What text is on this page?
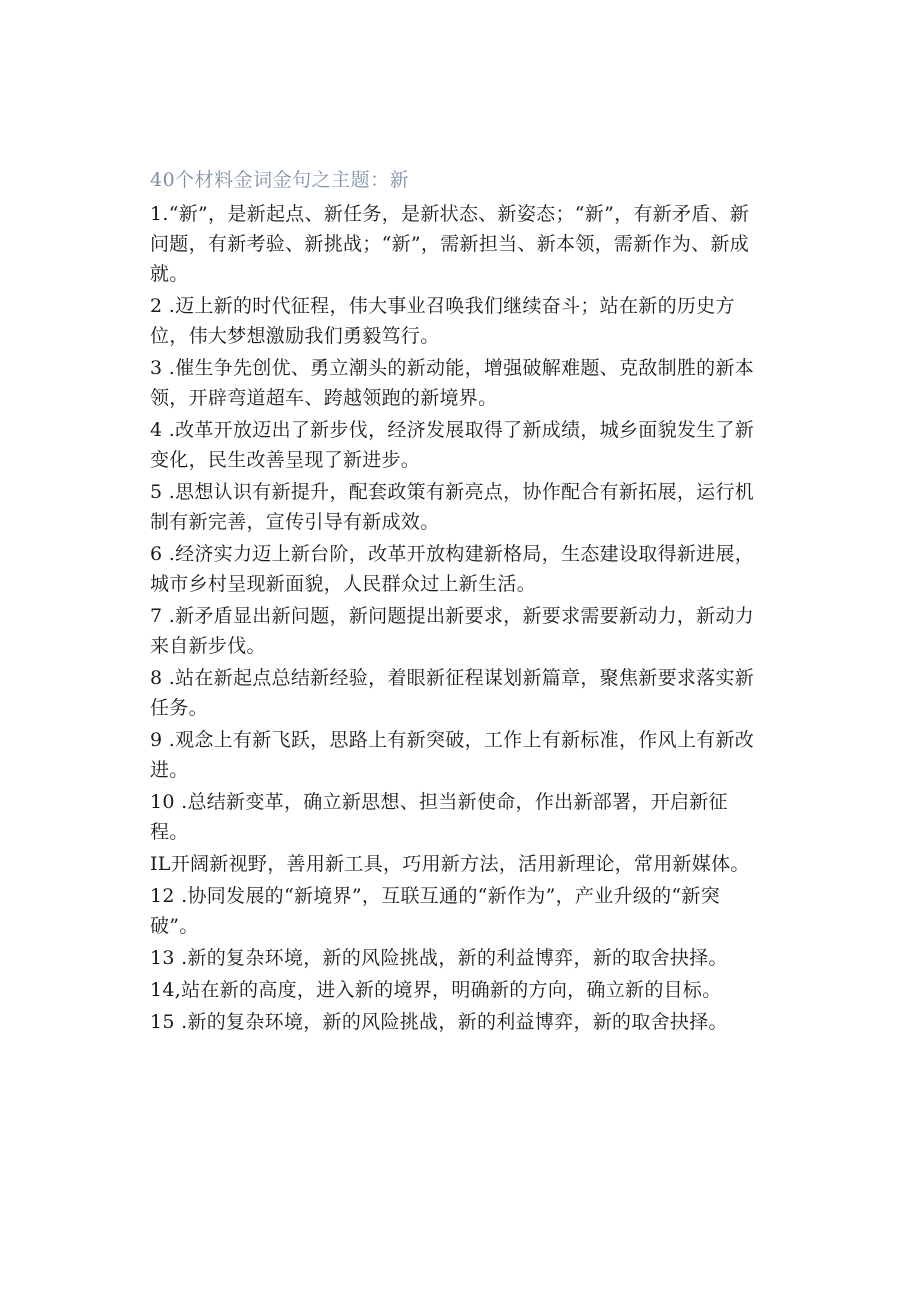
40个材料金词金句之主题：新

1.“新”，是新起点、新任务，是新状态、新姿态；“新”，有新矛盾、新问题，有新考验、新挑战；“新”，需新担当、新本领，需新作为、新成就。

2 .迈上新的时代征程，伟大事业召唤我们继续奋斗；站在新的历史方位，伟大梦想激励我们勇毅笃行。

3 .催生争先创优、勇立潮头的新动能，增强破解难题、克敌制胜的新本领，开辟弯道超车、跨越领跑的新境界。

4 .改革开放迈出了新步伐，经济发展取得了新成绩，城乡面貌发生了新变化，民生改善呈现了新进步。

5 .思想认识有新提升，配套政策有新亮点，协作配合有新拓展，运行机制有新完善，宣传引导有新成效。

6 .经济实力迈上新台阶，改革开放构建新格局，生态建设取得新进展，城市乡村呈现新面貌，人民群众过上新生活。

7 .新矛盾显出新问题，新问题提出新要求，新要求需要新动力，新动力来自新步伐。

8 .站在新起点总结新经验，着眼新征程谋划新篇章，聚焦新要求落实新任务。

9 .观念上有新飞跃，思路上有新突破，工作上有新标准，作风上有新改进。

10 .总结新变革，确立新思想、担当新使命，作出新部署，开启新征程。

IL开阔新视野，善用新工具，巧用新方法，活用新理论，常用新媒体。

12 .协同发展的“新境界”，互联互通的“新作为”，产业升级的“新突破”。

13 .新的复杂环境，新的风险挑战，新的利益博弈，新的取舍抉择。

14,站在新的高度，进入新的境界，明确新的方向，确立新的目标。

15 .新的复杂环境，新的风险挑战，新的利益博弈，新的取舍抉择。
